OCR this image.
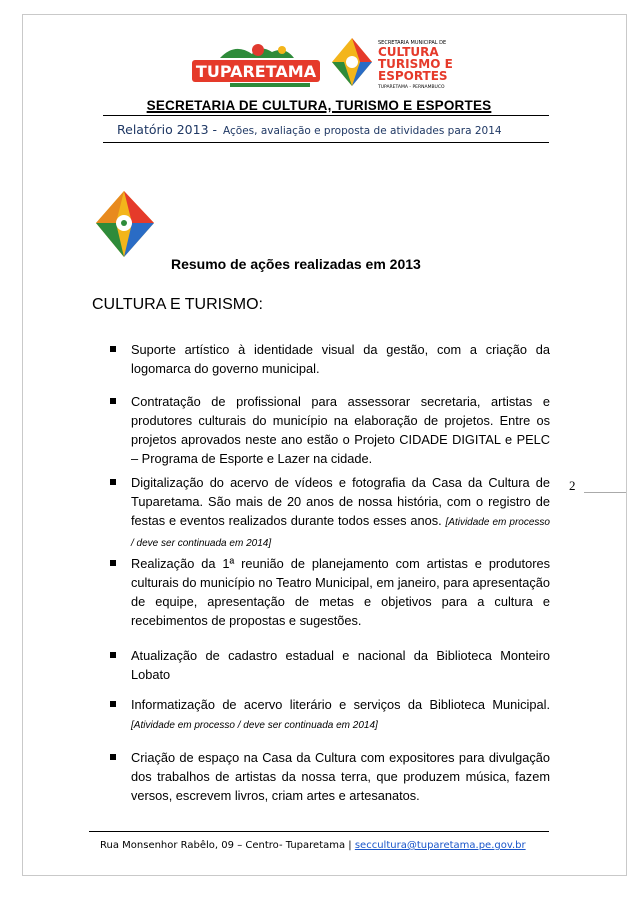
TUPARETAMA
SECRETARIA MUNICIPAL DE
CULTURA
TURISMO E
ESPORTES
TUPARETAMA - PERNAMBUCO
SECRETARIA DE CULTURA, TURISMO E ESPORTES
Relatório 2013 - Ações, avaliação e proposta de atividades para 2014
Resumo de ações realizadas em 2013
CULTURA E TURISMO:
Suporte artístico à identidade visual da gestão, com a criação da logomarca do governo municipal.
Contratação de profissional para assessorar secretaria, artistas e produtores culturais do município na elaboração de projetos. Entre os projetos aprovados neste ano estão o Projeto CIDADE DIGITAL e PELC – Programa de Esporte e Lazer na cidade.
Digitalização do acervo de vídeos e fotografia da Casa da Cultura de Tuparetama. São mais de 20 anos de nossa história, com o registro de festas e eventos realizados durante todos esses anos. [Atividade em processo / deve ser continuada em 2014]
Realização da 1ª reunião de planejamento com artistas e produtores culturais do município no Teatro Municipal, em janeiro, para apresentação de equipe, apresentação de metas e objetivos para a cultura e recebimentos de propostas e sugestões.
Atualização de cadastro estadual e nacional da Biblioteca Monteiro Lobato
Informatização de acervo literário e serviços da Biblioteca Municipal. [Atividade em processo / deve ser continuada em 2014]
Criação de espaço na Casa da Cultura com expositores para divulgação dos trabalhos de artistas da nossa terra, que produzem música, fazem versos, escrevem livros, criam artes e artesanatos.
2
Rua Monsenhor Rabêlo, 09 – Centro- Tuparetama | seccultura@tuparetama.pe.gov.br
